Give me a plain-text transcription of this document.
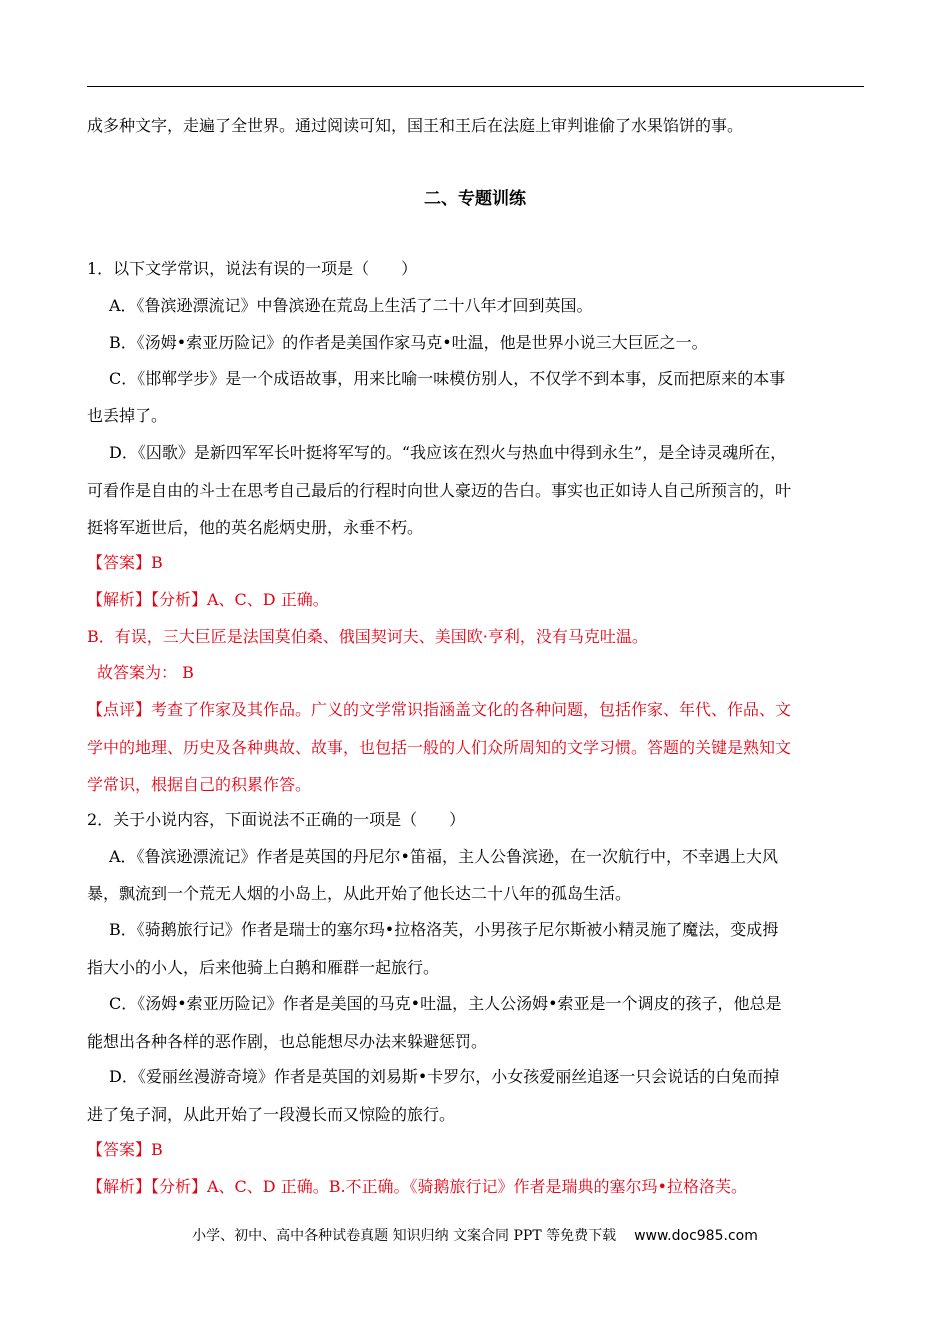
成多种文字，走遍了全世界。通过阅读可知，国王和王后在法庭上审判谁偷了水果馅饼的事。
二、专题训练
1．以下文学常识，说法有误的一项是（　　）
A．《鲁滨逊漂流记》中鲁滨逊在荒岛上生活了二十八年才回到英国。
B．《汤姆•索亚历险记》的作者是美国作家马克•吐温，他是世界小说三大巨匠之一。
C．《邯郸学步》是一个成语故事，用来比喻一味模仿别人，不仅学不到本事，反而把原来的本事
也丢掉了。
D．《囚歌》是新四军军长叶挺将军写的。“我应该在烈火与热血中得到永生”，是全诗灵魂所在，
可看作是自由的斗士在思考自己最后的行程时向世人豪迈的告白。事实也正如诗人自己所预言的，叶
挺将军逝世后，他的英名彪炳史册，永垂不朽。
【答案】B
【解析】【分析】A、C、D 正确。
B．有误，三大巨匠是法国莫伯桑、俄国契诃夫、美国欧·亨利，没有马克吐温。
故答案为： B
【点评】考查了作家及其作品。广义的文学常识指涵盖文化的各种问题，包括作家、年代、作品、文
学中的地理、历史及各种典故、故事，也包括一般的人们众所周知的文学习惯。答题的关键是熟知文
学常识，根据自己的积累作答。
2．关于小说内容，下面说法不正确的一项是（　　）
A．《鲁滨逊漂流记》作者是英国的丹尼尔•笛福，主人公鲁滨逊，在一次航行中，不幸遇上大风
暴，飘流到一个荒无人烟的小岛上，从此开始了他长达二十八年的孤岛生活。
B．《骑鹅旅行记》作者是瑞士的塞尔玛•拉格洛芙，小男孩子尼尔斯被小精灵施了魔法，变成拇
指大小的小人，后来他骑上白鹅和雁群一起旅行。
C．《汤姆•索亚历险记》作者是美国的马克•吐温，主人公汤姆•索亚是一个调皮的孩子，他总是
能想出各种各样的恶作剧，也总能想尽办法来躲避惩罚。
D．《爱丽丝漫游奇境》作者是英国的刘易斯•卡罗尔，小女孩爱丽丝追逐一只会说话的白兔而掉
进了兔子洞，从此开始了一段漫长而又惊险的旅行。
【答案】B
【解析】【分析】A、C、D 正确。B.不正确。《骑鹅旅行记》作者是瑞典的塞尔玛•拉格洛芙。
小学、初中、高中各种试卷真题 知识归纳 文案合同 PPT 等免费下载 www.doc985.com
